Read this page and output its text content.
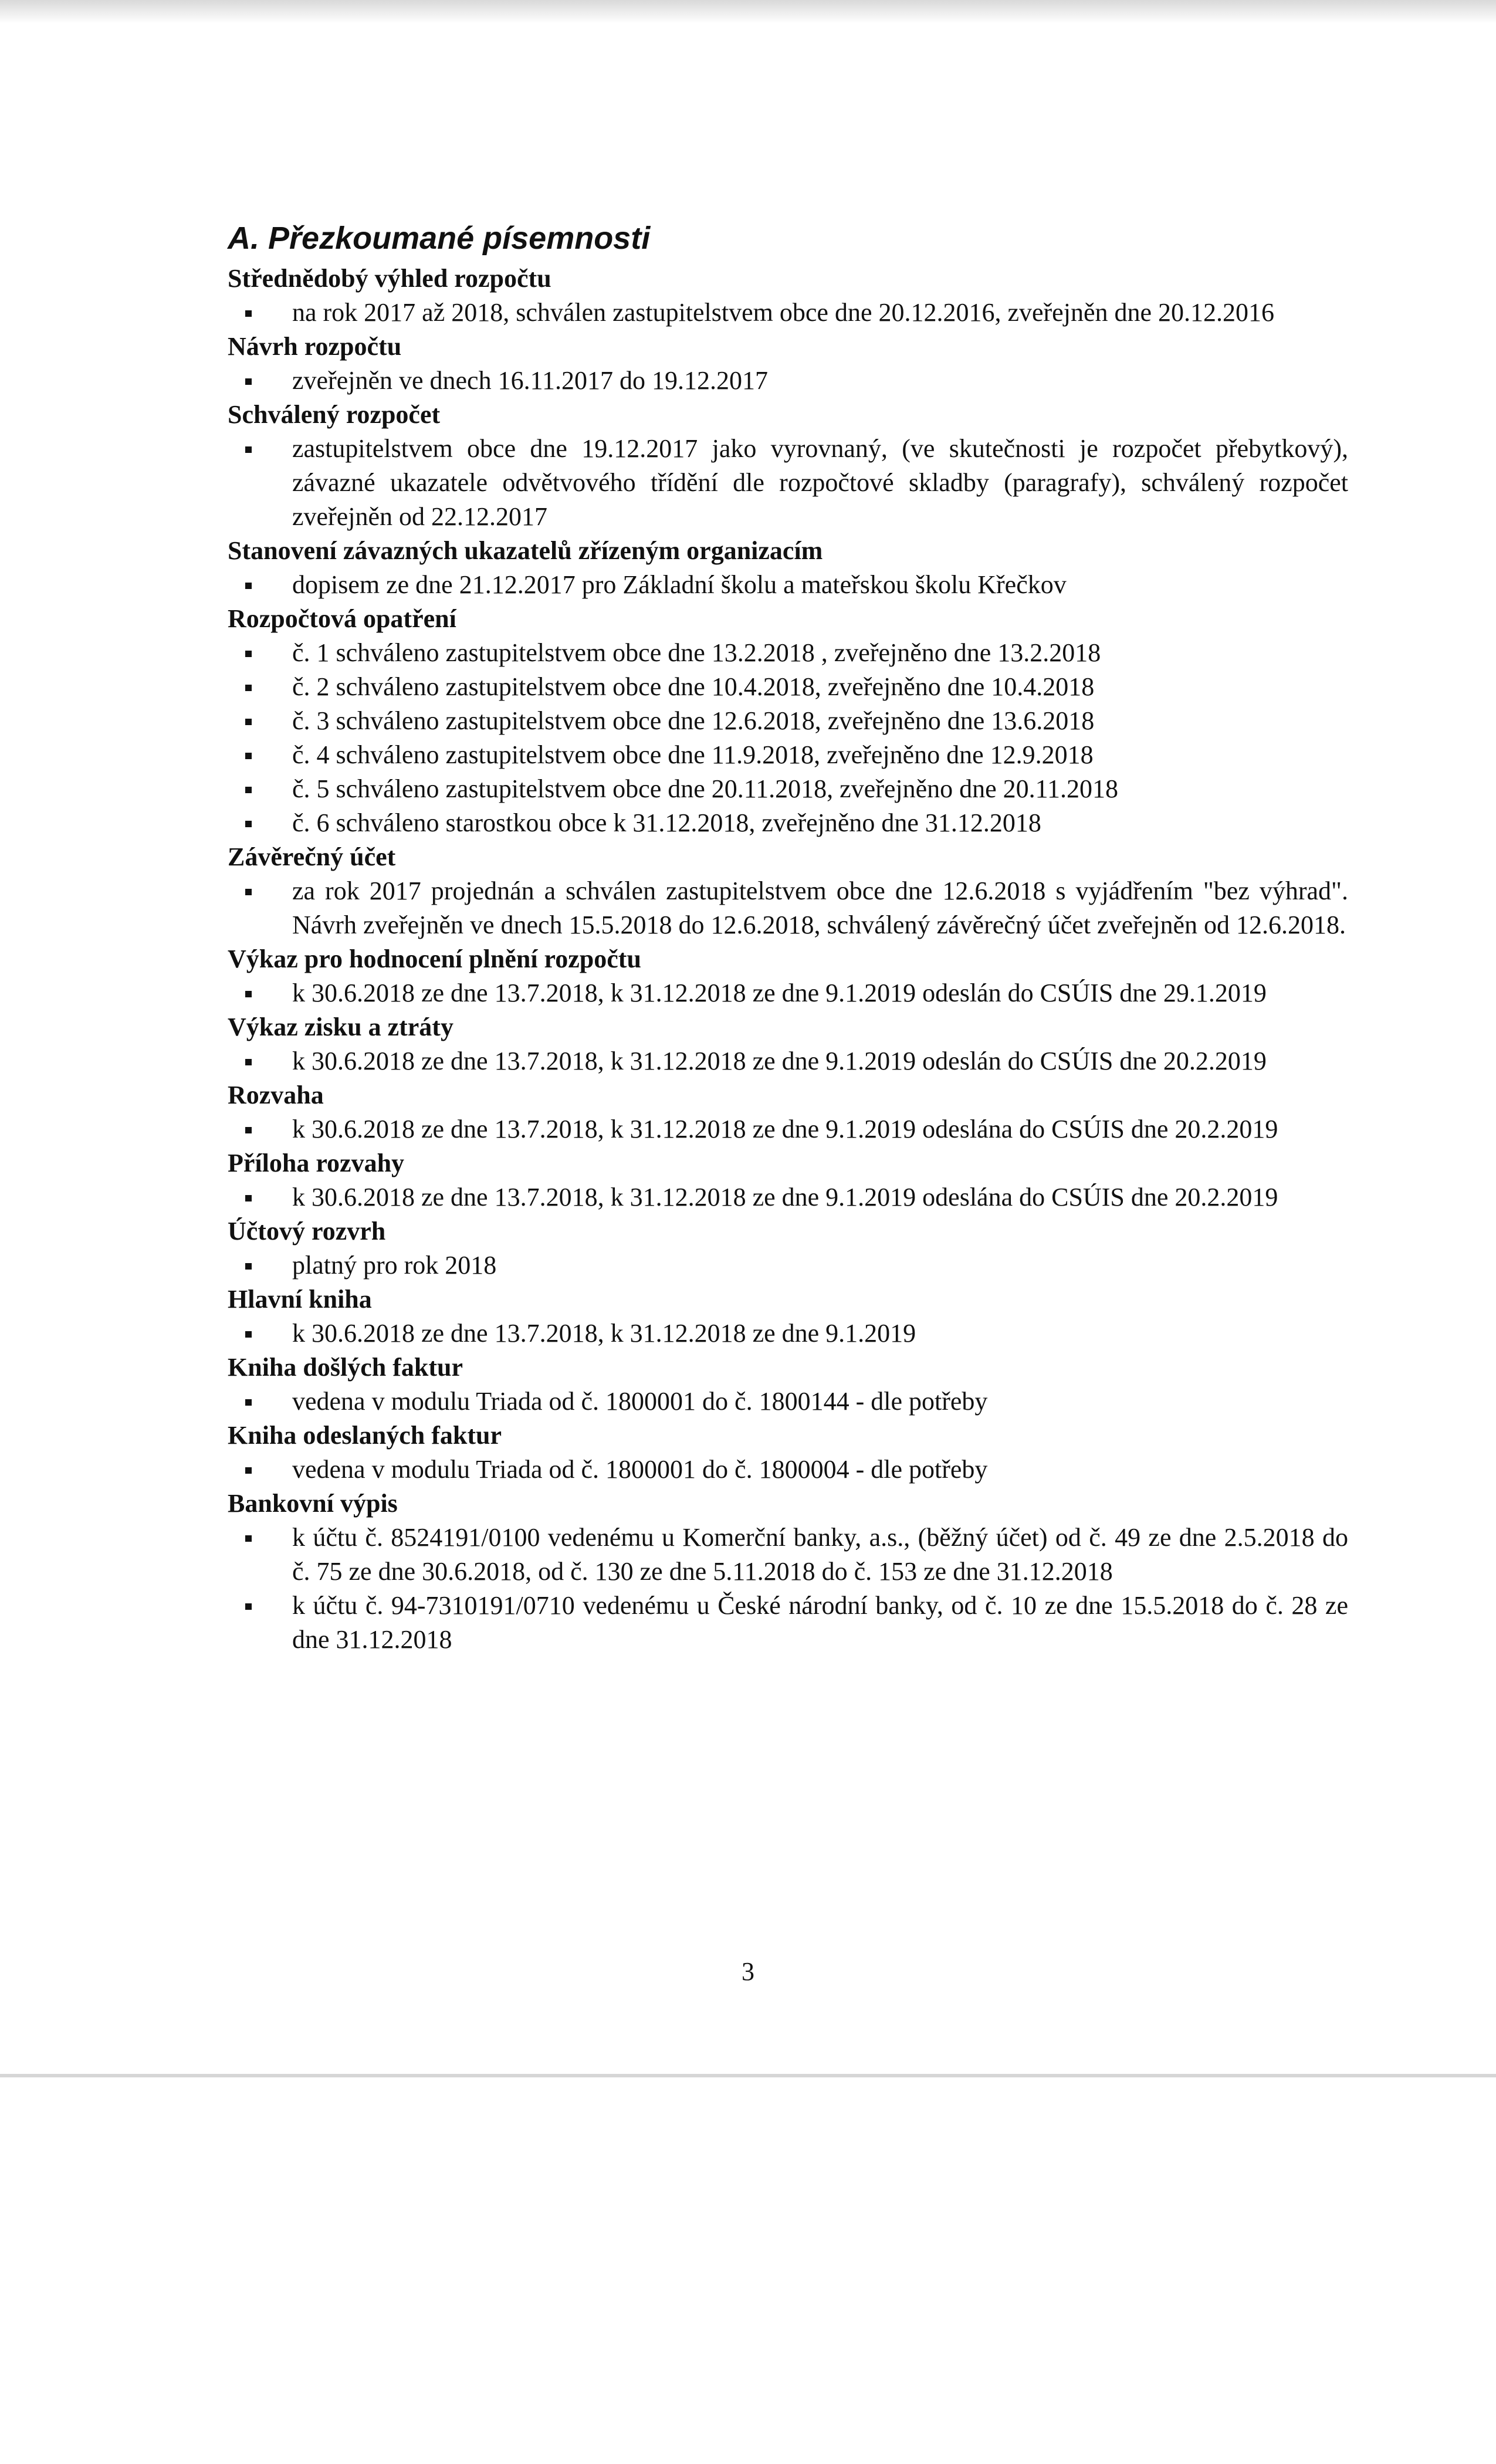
A. Přezkoumané písemnosti

Střednědobý výhled rozpočtu

na rok 2017 až 2018, schválen zastupitelstvem obce dne 20.12.2016, zveřejněn dne 20.12.2016

Návrh rozpočtu

zveřejněn ve dnech 16.11.2017 do 19.12.2017

Schválený rozpočet

zastupitelstvem obce dne 19.12.2017 jako vyrovnaný, (ve skutečnosti je rozpočet přebytkový), závazné ukazatele odvětvového třídění dle rozpočtové skladby (paragrafy), schválený rozpočet zveřejněn od 22.12.2017

Stanovení závazných ukazatelů zřízeným organizacím

dopisem ze dne 21.12.2017 pro Základní školu a mateřskou školu Křečkov

Rozpočtová opatření

č. 1 schváleno zastupitelstvem obce dne 13.2.2018 , zveřejněno dne 13.2.2018
č. 2 schváleno zastupitelstvem obce dne 10.4.2018, zveřejněno dne 10.4.2018
č. 3 schváleno zastupitelstvem obce dne 12.6.2018, zveřejněno dne 13.6.2018
č. 4 schváleno zastupitelstvem obce dne 11.9.2018, zveřejněno dne 12.9.2018
č. 5 schváleno zastupitelstvem obce dne 20.11.2018, zveřejněno dne 20.11.2018
č. 6 schváleno starostkou obce k 31.12.2018, zveřejněno dne 31.12.2018

Závěrečný účet

za rok 2017 projednán a schválen zastupitelstvem obce dne 12.6.2018 s vyjádřením "bez výhrad". Návrh zveřejněn ve dnech 15.5.2018 do 12.6.2018, schválený závěrečný účet zveřejněn od 12.6.2018.

Výkaz pro hodnocení plnění rozpočtu

k 30.6.2018 ze dne 13.7.2018, k 31.12.2018 ze dne 9.1.2019 odeslán do CSÚIS dne 29.1.2019

Výkaz zisku a ztráty

k 30.6.2018 ze dne 13.7.2018, k 31.12.2018 ze dne 9.1.2019 odeslán do CSÚIS dne 20.2.2019

Rozvaha

k 30.6.2018 ze dne 13.7.2018, k 31.12.2018 ze dne 9.1.2019 odeslána do CSÚIS dne 20.2.2019

Příloha rozvahy

k 30.6.2018 ze dne 13.7.2018, k 31.12.2018 ze dne 9.1.2019 odeslána do CSÚIS dne 20.2.2019

Účtový rozvrh

platný pro rok 2018

Hlavní kniha

k 30.6.2018 ze dne 13.7.2018, k 31.12.2018 ze dne 9.1.2019

Kniha došlých faktur

vedena v modulu Triada od č. 1800001 do č. 1800144 - dle potřeby

Kniha odeslaných faktur

vedena v modulu Triada od č. 1800001 do č. 1800004 - dle potřeby

Bankovní výpis

k účtu č. 8524191/0100 vedenému u Komerční banky, a.s., (běžný účet) od č. 49 ze dne 2.5.2018 do č. 75 ze dne 30.6.2018, od č. 130 ze dne 5.11.2018 do č. 153 ze dne 31.12.2018
k účtu č. 94-7310191/0710 vedenému u České národní banky, od č. 10 ze dne 15.5.2018 do č. 28 ze dne 31.12.2018
3
